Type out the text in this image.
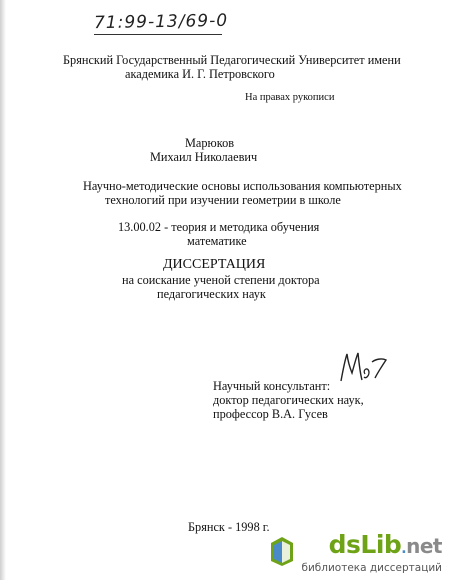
71:99-13/69-0
Брянский Государственный Педагогический Университет имени
академика И. Г. Петровского
На правах рукописи
Марюков
Михаил Николаевич
Научно-методические основы использования компьютерных
технологий при изучении геометрии в школе
13.00.02 - теория и методика обучения
математике
ДИССЕРТАЦИЯ
на соискание ученой степени доктора
педагогических наук
Научный консультант:
доктор педагогических наук,
профессор В.А. Гусев
Брянск - 1998 г.
dsLib.net
библиотека диссертаций
